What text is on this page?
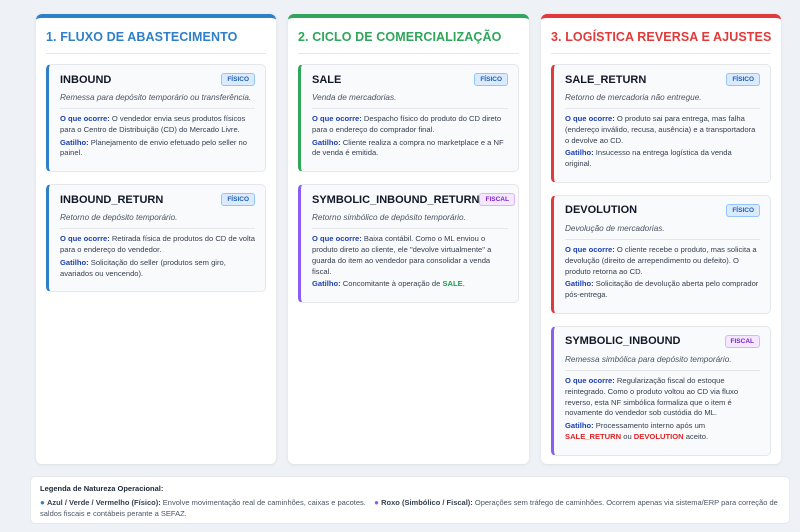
1. FLUXO DE ABASTECIMENTO
INBOUND	FÍSICO
Remessa para depósito temporário ou transferência.

O que ocorre: O vendedor envia seus produtos físicos para o Centro de Distribuição (CD) do Mercado Livre.

Gatilho: Planejamento de envio efetuado pelo seller no painel.

INBOUND_RETURN	FÍSICO
Retorno de depósito temporário.

O que ocorre: Retirada física de produtos do CD de volta para o endereço do vendedor.

Gatilho: Solicitação do seller (produtos sem giro, avariados ou vencendo).

2. CICLO DE COMERCIALIZAÇÃO
SALE	FÍSICO
Venda de mercadorias.

O que ocorre: Despacho físico do produto do CD direto para o endereço do comprador final.

Gatilho: Cliente realiza a compra no marketplace e a NF de venda é emitida.

SYMBOLIC_INBOUND_RETURN FISCAL
Retorno simbólico de depósito temporário.

O que ocorre: Baixa contábil. Como o ML enviou o produto direto ao cliente, ele "devolve virtualmente" a guarda do item ao vendedor para consolidar a venda fiscal.

Gatilho: Concomitante à operação de SALE.

3. LOGÍSTICA REVERSA E AJUSTES
SALE_RETURN	FÍSICO
Retorno de mercadoria não entregue.

O que ocorre: O produto sai para entrega, mas falha (endereço inválido, recusa, ausência) e a transportadora o devolve ao CD.

Gatilho: Insucesso na entrega logística da venda original.

DEVOLUTION	FÍSICO
Devolução de mercadorias.

O que ocorre: O cliente recebe o produto, mas solicita a devolução (direito de arrependimento ou defeito). O produto retorna ao CD.

Gatilho: Solicitação de devolução aberta pelo comprador pós-entrega.

SYMBOLIC_INBOUND	FISCAL
Remessa simbólica para depósito temporário.

O que ocorre: Regularização fiscal do estoque reintegrado. Como o produto voltou ao CD via fluxo reverso, esta NF simbólica formaliza que o item é novamente do vendedor sob custódia do ML.

Gatilho: Processamento interno após um SALE_RETURN ou DEVOLUTION aceito.

Legenda de Natureza Operacional:
● Azul / Verde / Vermelho (Físico): Envolve movimentação real de caminhões, caixas e pacotes. ● Roxo (Simbólico / Fiscal): Operações sem tráfego de caminhões. Ocorrem apenas via sistema/ERP para correção de saldos fiscais e contábeis perante a SEFAZ.
